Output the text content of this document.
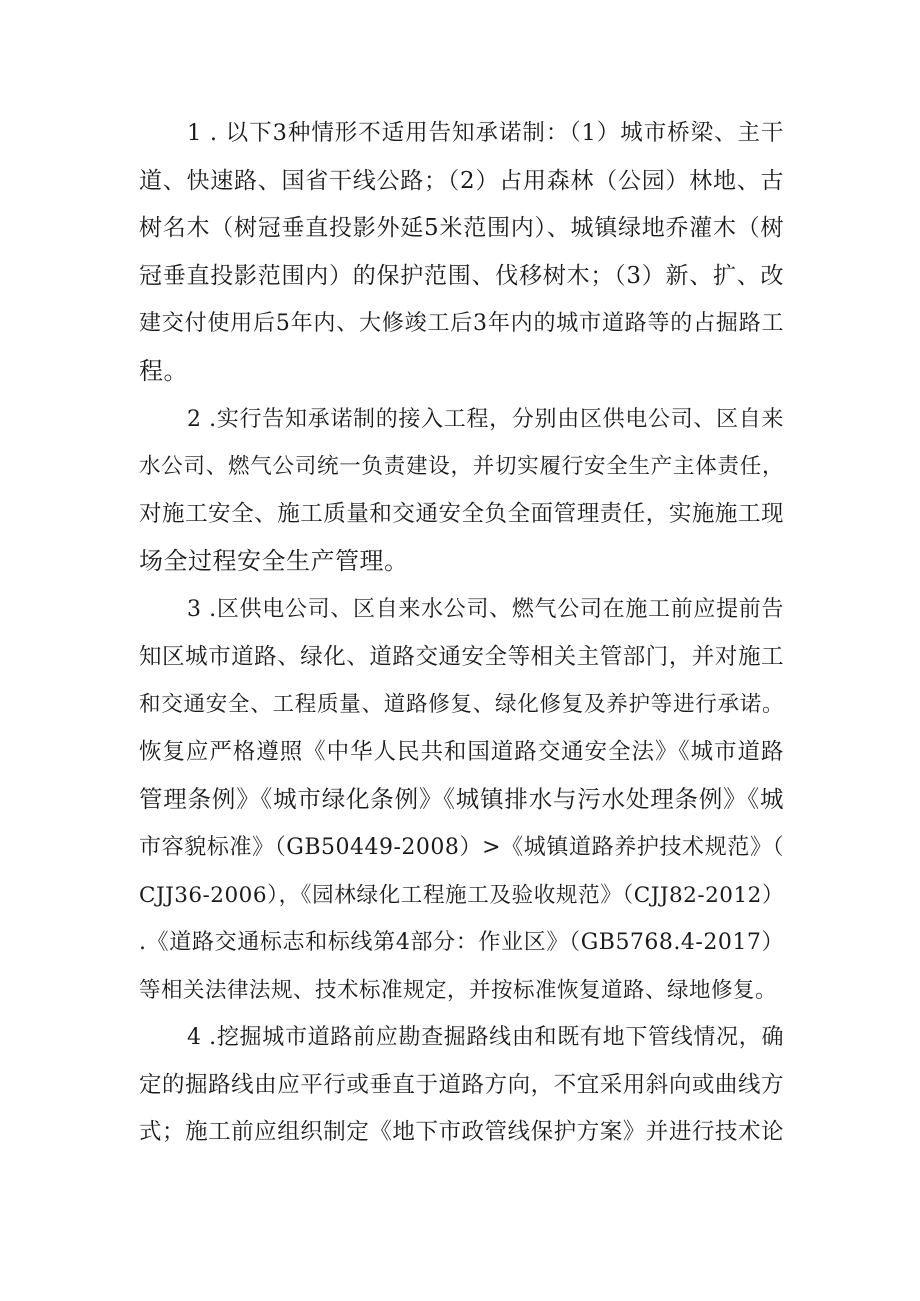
1 . 以下3种情形不适用告知承诺制：（1）城市桥梁、主干
道、快速路、国省干线公路；（2）占用森林（公园）林地、古
树名木（树冠垂直投影外延5米范围内）、城镇绿地乔灌木（树
冠垂直投影范围内）的保护范围、伐移树木；（3）新、扩、改
建交付使用后5年内、大修竣工后3年内的城市道路等的占掘路工
程。
2 .实行告知承诺制的接入工程，分别由区供电公司、区自来
水公司、燃气公司统一负责建设，并切实履行安全生产主体责任，
对施工安全、施工质量和交通安全负全面管理责任，实施施工现
场全过程安全生产管理。
3 .区供电公司、区自来水公司、燃气公司在施工前应提前告
知区城市道路、绿化、道路交通安全等相关主管部门，并对施工
和交通安全、工程质量、道路修复、绿化修复及养护等进行承诺。
恢复应严格遵照《中华人民共和国道路交通安全法》《城市道路
管理条例》《城市绿化条例》《城镇排水与污水处理条例》《城
市容貌标准》（GB50449-2008）>《城镇道路养护技术规范》（
CJJ36-2006），《园林绿化工程施工及验收规范》（CJJ82-2012）
.《道路交通标志和标线第4部分：作业区》（GB5768.4-2017）
等相关法律法规、技术标准规定，并按标准恢复道路、绿地修复。
4 .挖掘城市道路前应勘查掘路线由和既有地下管线情况，确
定的掘路线由应平行或垂直于道路方向，不宜采用斜向或曲线方
式；施工前应组织制定《地下市政管线保护方案》并进行技术论
